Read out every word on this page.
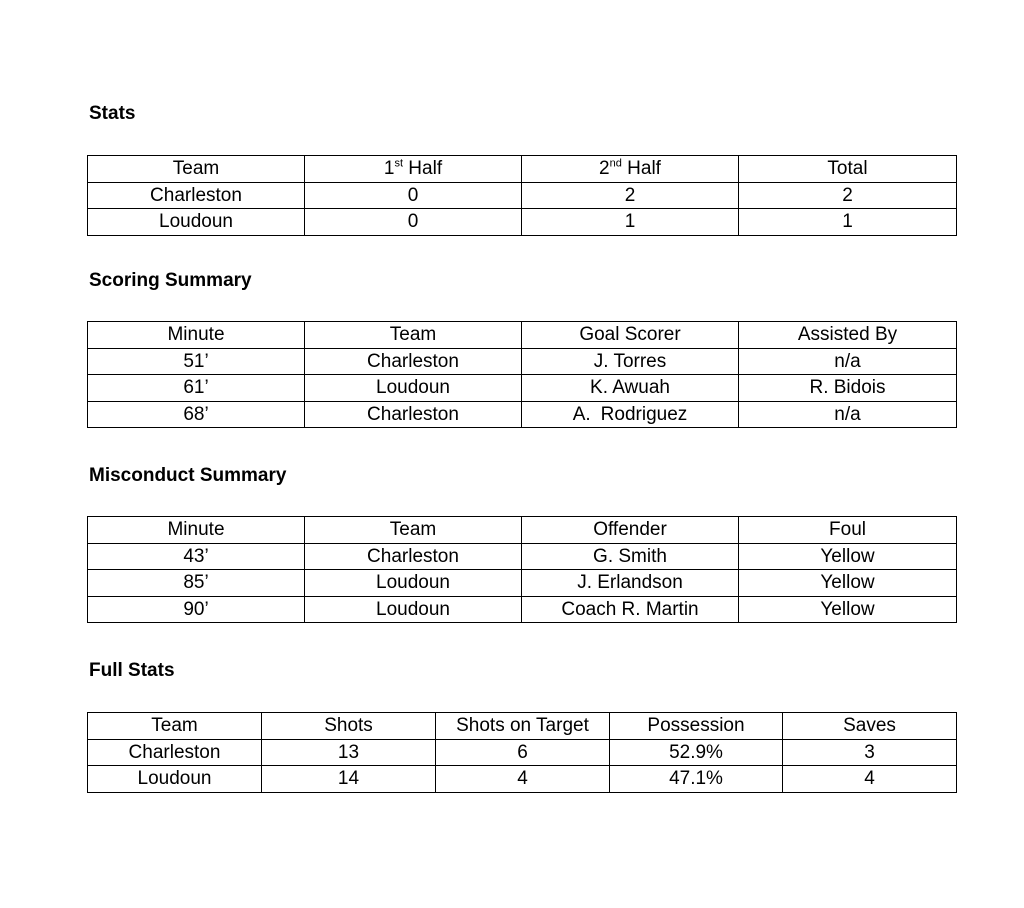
Stats
Team	1st Half	2nd Half	Total
Charleston	0	2	2
Loudoun	0	1	1
Scoring Summary
Minute	Team	Goal Scorer	Assisted By
51’	Charleston	J. Torres	n/a
61’	Loudoun	K. Awuah	R. Bidois
68’	Charleston	A. Rodriguez	n/a
Misconduct Summary
Minute	Team	Offender	Foul
43’	Charleston	G. Smith	Yellow
85’	Loudoun	J. Erlandson	Yellow
90’	Loudoun	Coach R. Martin	Yellow
Full Stats
Team	Shots	Shots on Target	Possession	Saves
Charleston	13	6	52.9%	3
Loudoun	14	4	47.1%	4
